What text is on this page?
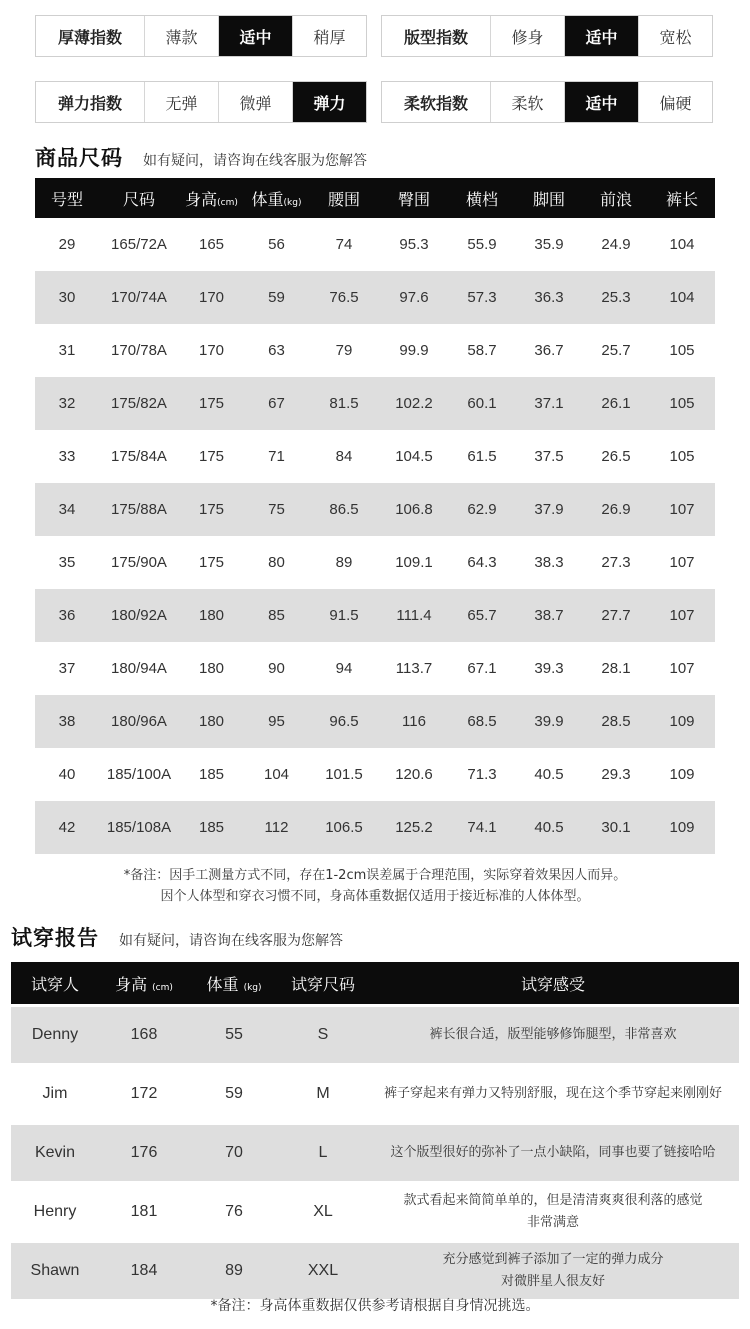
厚薄指数	薄款	适中	稍厚	版型指数	修身	适中	宽松
弹力指数	无弹	微弹	弹力	柔软指数	柔软	适中	偏硬
商品尺码 如有疑问，请咨询在线客服为您解答
号型	尺码	身高(cm)	体重(kg)	腰围	臀围	横档	脚围	前浪	裤长
29	165/72A	165	56	74	95.3	55.9	35.9	24.9	104
30	170/74A	170	59	76.5	97.6	57.3	36.3	25.3	104
31	170/78A	170	63	79	99.9	58.7	36.7	25.7	105
32	175/82A	175	67	81.5	102.2	60.1	37.1	26.1	105
33	175/84A	175	71	84	104.5	61.5	37.5	26.5	105
34	175/88A	175	75	86.5	106.8	62.9	37.9	26.9	107
35	175/90A	175	80	89	109.1	64.3	38.3	27.3	107
36	180/92A	180	85	91.5	111.4	65.7	38.7	27.7	107
37	180/94A	180	90	94	113.7	67.1	39.3	28.1	107
38	180/96A	180	95	96.5	116	68.5	39.9	28.5	109
40	185/100A	185	104	101.5	120.6	71.3	40.5	29.3	109
42	185/108A	185	112	106.5	125.2	74.1	40.5	30.1	109
*备注：因手工测量方式不同，存在1-2cm误差属于合理范围，实际穿着效果因人而异。
因个人体型和穿衣习惯不同，身高体重数据仅适用于接近标准的人体体型。
试穿报告 如有疑问，请咨询在线客服为您解答
试穿人	身高 (cm)	体重 (kg)	试穿尺码	试穿感受

Denny	168	55	S	裤长很合适，版型能够修饰腿型，非常喜欢

Jim	172	59	M	裤子穿起来有弹力又特别舒服，现在这个季节穿起来刚刚好

Kevin	176	70	L	这个版型很好的弥补了一点小缺陷，同事也要了链接哈哈

Henry	181	76	XL	款式看起来简简单单的，但是清清爽爽很利落的感觉
非常满意

Shawn	184	89	XXL	充分感觉到裤子添加了一定的弹力成分
对微胖星人很友好
*备注：身高体重数据仅供参考请根据自身情况挑选。
